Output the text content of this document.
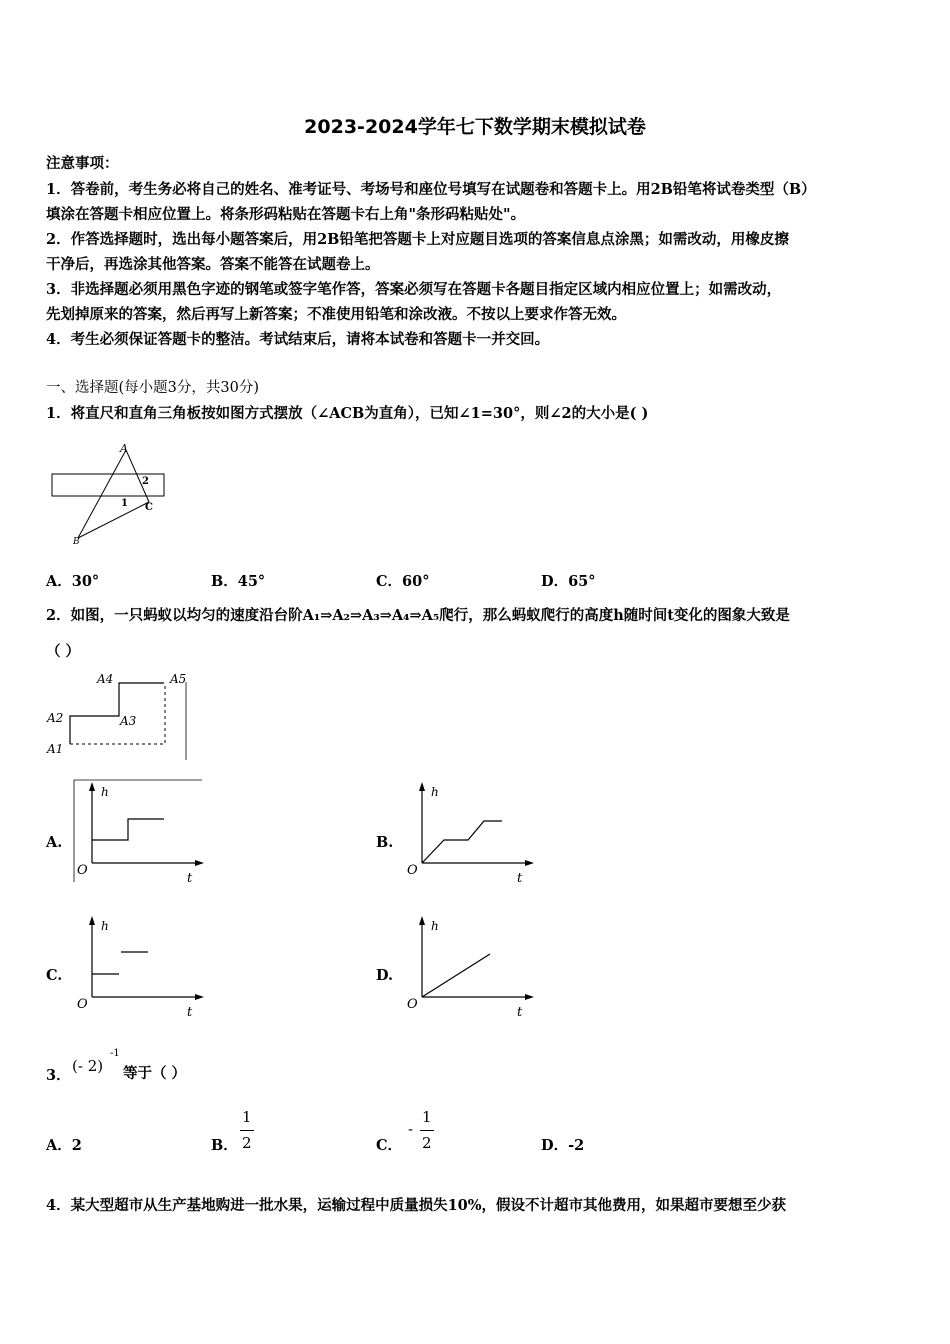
2023-2024学年七下数学期末模拟试卷
注意事项：
1．答卷前，考生务必将自己的姓名、准考证号、考场号和座位号填写在试题卷和答题卡上。用2B铅笔将试卷类型（B）
填涂在答题卡相应位置上。将条形码粘贴在答题卡右上角"条形码粘贴处"。
2．作答选择题时，选出每小题答案后，用2B铅笔把答题卡上对应题目选项的答案信息点涂黑；如需改动，用橡皮擦
干净后，再选涂其他答案。答案不能答在试题卷上。
3．非选择题必须用黑色字迹的钢笔或签字笔作答，答案必须写在答题卡各题目指定区域内相应位置上；如需改动，
先划掉原来的答案，然后再写上新答案；不准使用铅笔和涂改液。不按以上要求作答无效。
4．考生必须保证答题卡的整洁。考试结束后，请将本试卷和答题卡一并交回。
一、选择题(每小题3分，共30分)
1．将直尺和直角三角板按如图方式摆放（∠ACB为直角），已知∠1=30°，则∠2的大小是( )
A
2
1 C
B
A．30°	B．45°	C．60°	D．65°
2．如图，一只蚂蚁以均匀的速度沿台阶A₁⇒A₂⇒A₃⇒A₄⇒A₅爬行，那么蚂蚁爬行的高度h随时间t变化的图象大致是
（ ）
A4	A5
A2	A3
A1
A.
h
O
t
B.
h
O
t
C.
h
O
t
D.
h
O
t
3．
(- 2)
-1
等于（ ）
A．2	B．
1
2	C．
-
1
2	D．-2
4．某大型超市从生产基地购进一批水果，运输过程中质量损失10%，假设不计超市其他费用，如果超市要想至少获
